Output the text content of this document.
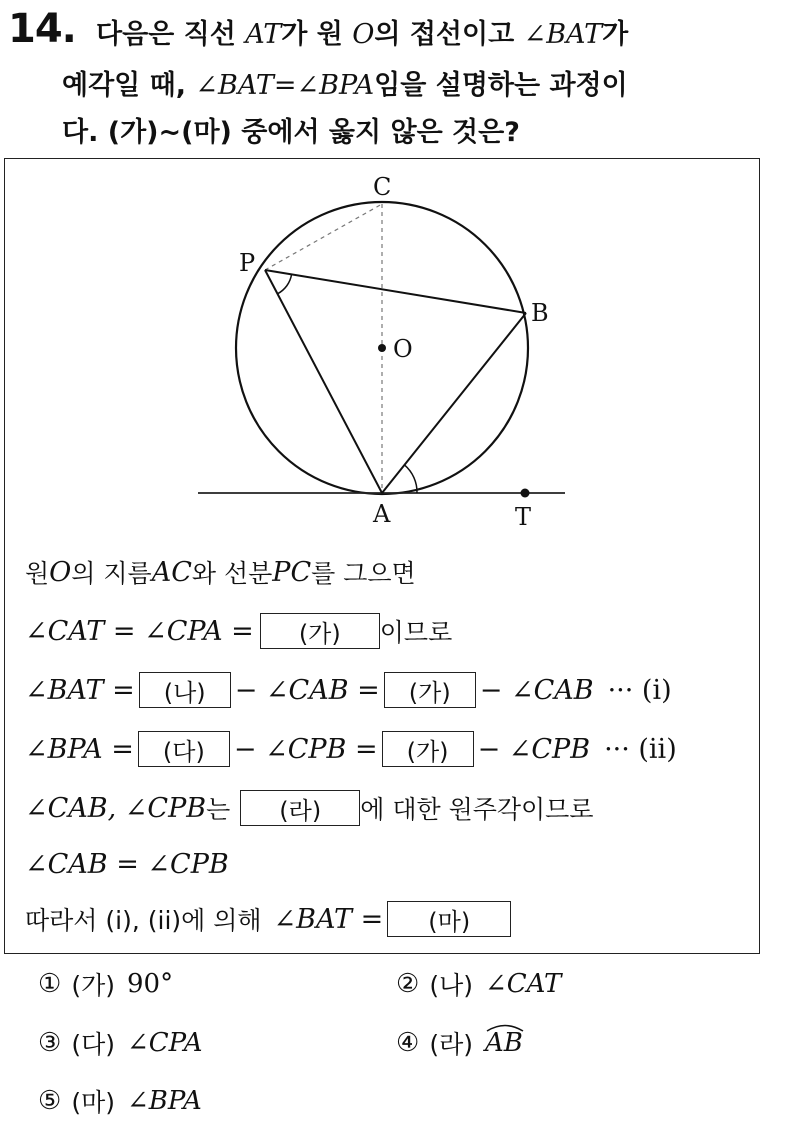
14. 다음은 직선 AT가 원 O의 접선이고 ∠BAT가
예각일 때, ∠BAT=∠BPA임을 설명하는 과정이
다. (가)~(마) 중에서 옳지 않은 것은?
C
P
B
O
A	T
원 O 의 지름 AC 와 선분 PC 를 그으면
∠CAT = ∠CPA =	(가)	이므로
∠BAT =	(나)	− ∠CAB =	(가)	− ∠CAB ··· (i)
∠BPA =	(다)	− ∠CPB =	(가)	− ∠CPB ··· (ii)
∠CAB, ∠CPB 는	(라)	에 대한 원주각이므로
∠CAB = ∠CPB
따라서 (i), (ii)에 의해 ∠BAT =	(마)
① (가) 90°	② (나) ∠CAT
③ (다) ∠CPA	④ (라) AB
⑤ (마) ∠BPA
